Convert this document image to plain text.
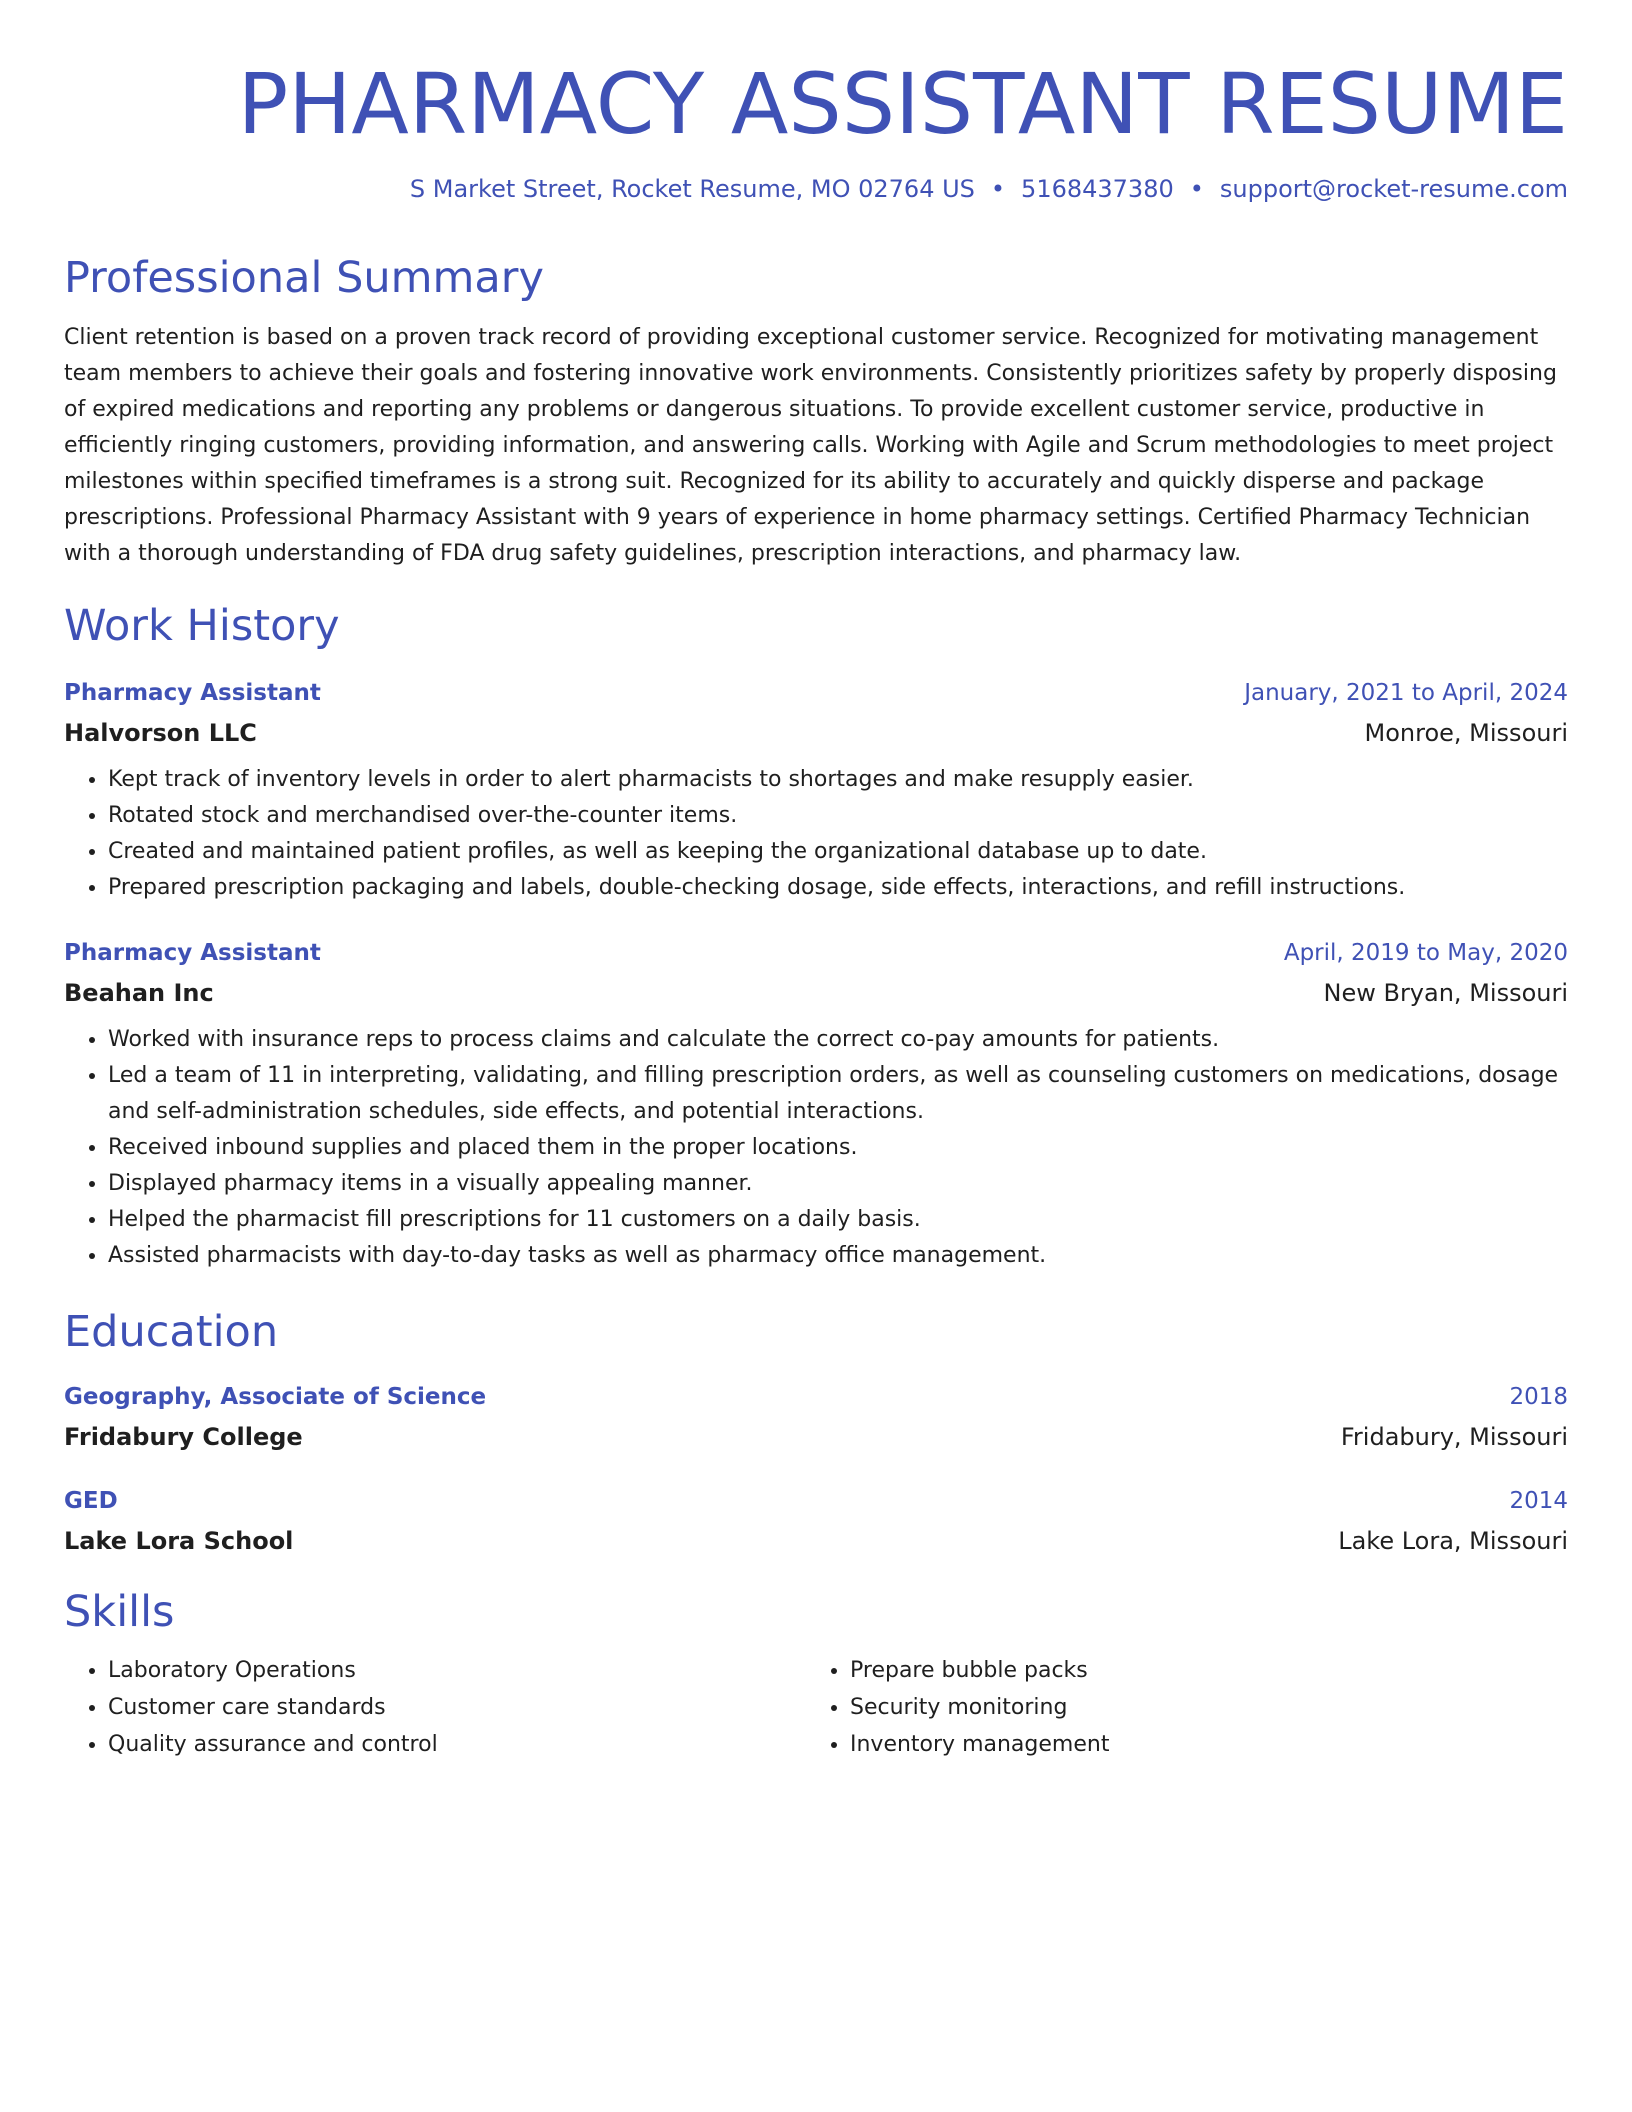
PHARMACY ASSISTANT RESUME
S Market Street, Rocket Resume, MO 02764 US • 5168437380 • support@rocket-resume.com
Professional Summary

Client retention is based on a proven track record of providing exceptional customer service. Recognized for motivating management team members to achieve their goals and fostering innovative work environments. Consistently prioritizes safety by properly disposing of expired medications and reporting any problems or dangerous situations. To provide excellent customer service, productive in efficiently ringing customers, providing information, and answering calls. Working with Agile and Scrum methodologies to meet project milestones within specified timeframes is a strong suit. Recognized for its ability to accurately and quickly disperse and package prescriptions. Professional Pharmacy Assistant with 9 years of experience in home pharmacy settings. Certified Pharmacy Technician with a thorough understanding of FDA drug safety guidelines, prescription interactions, and pharmacy law.

Work History
Pharmacy Assistant	January, 2021 to April, 2024
Halvorson LLC	Monroe, Missouri
• Kept track of inventory levels in order to alert pharmacists to shortages and make resupply easier.
• Rotated stock and merchandised over-the-counter items.
• Created and maintained patient profiles, as well as keeping the organizational database up to date.
• Prepared prescription packaging and labels, double-checking dosage, side effects, interactions, and refill instructions.
Pharmacy Assistant	April, 2019 to May, 2020
Beahan Inc	New Bryan, Missouri
• Worked with insurance reps to process claims and calculate the correct co-pay amounts for patients.
• Led a team of 11 in interpreting, validating, and filling prescription orders, as well as counseling customers on medications, dosage and self-administration schedules, side effects, and potential interactions.
• Received inbound supplies and placed them in the proper locations.
• Displayed pharmacy items in a visually appealing manner.
• Helped the pharmacist fill prescriptions for 11 customers on a daily basis.
• Assisted pharmacists with day-to-day tasks as well as pharmacy office management.
Education
Geography, Associate of Science	2018
Fridabury College	Fridabury, Missouri
GED	2014
Lake Lora School	Lake Lora, Missouri
Skills
• Laboratory Operations
• Customer care standards
• Quality assurance and control
• Prepare bubble packs
• Security monitoring
• Inventory management
